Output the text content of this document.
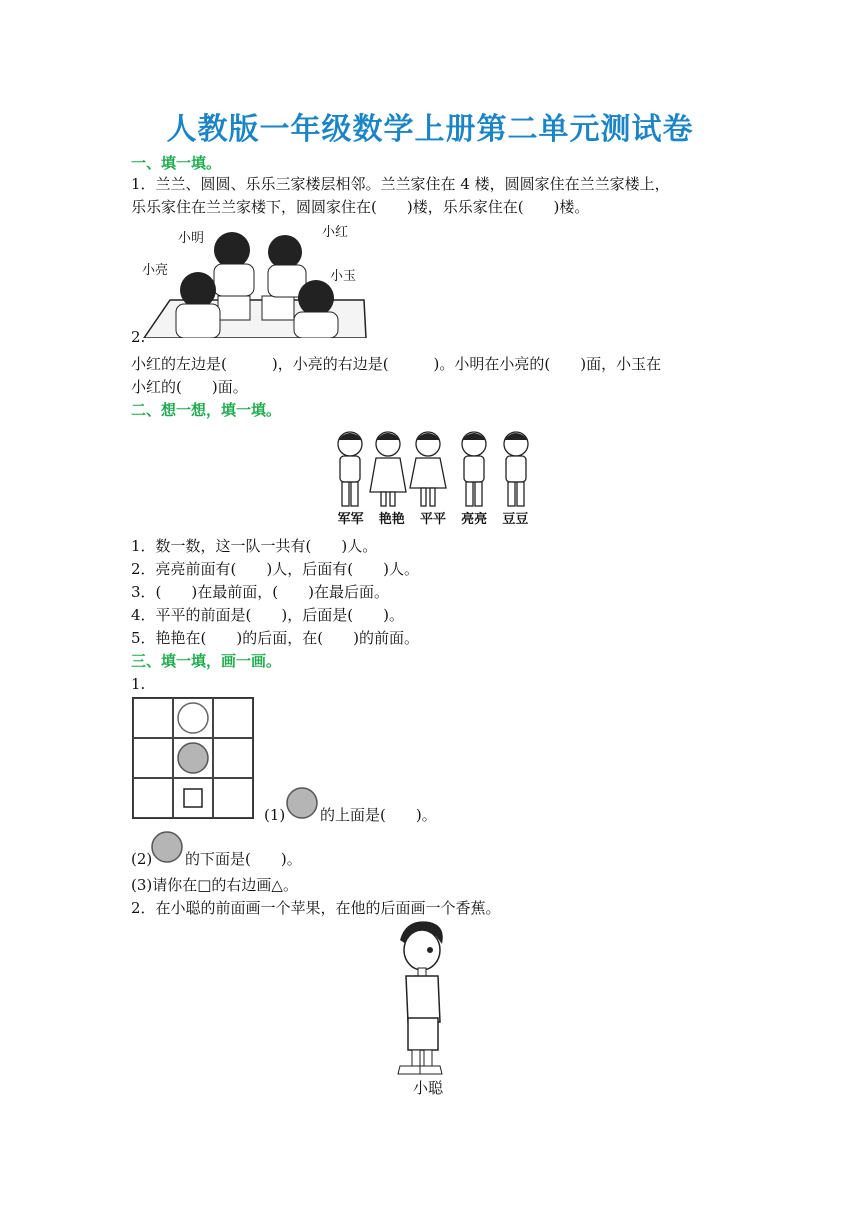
人教版一年级数学上册第二单元测试卷
一、填一填。
1．兰兰、圆圆、乐乐三家楼层相邻。兰兰家住在 4 楼，圆圆家住在兰兰家楼上，
乐乐家住在兰兰家楼下，圆圆家住在(　　)楼，乐乐家住在(　　)楼。
小明	小红
小亮	小玉
2.
小红的左边是(　　　)，小亮的右边是(　　　)。小明在小亮的(　　)面，小玉在
小红的(　　)面。
二、想一想，填一填。
军军 艳艳 平平 亮亮 豆豆
1．数一数，这一队一共有(　　)人。
2．亮亮前面有(　　)人，后面有(　　)人。
3．(　　)在最前面，(　　)在最后面。
4．平平的前面是(　　)，后面是(　　)。
5．艳艳在(　　)的后面，在(　　)的前面。
三、填一填，画一画。
1.
(1) 的上面是(　　)。
(2) 的下面是(　　)。
(3)请你在□的右边画△。
2．在小聪的前面画一个苹果，在他的后面画一个香蕉。
小聪
